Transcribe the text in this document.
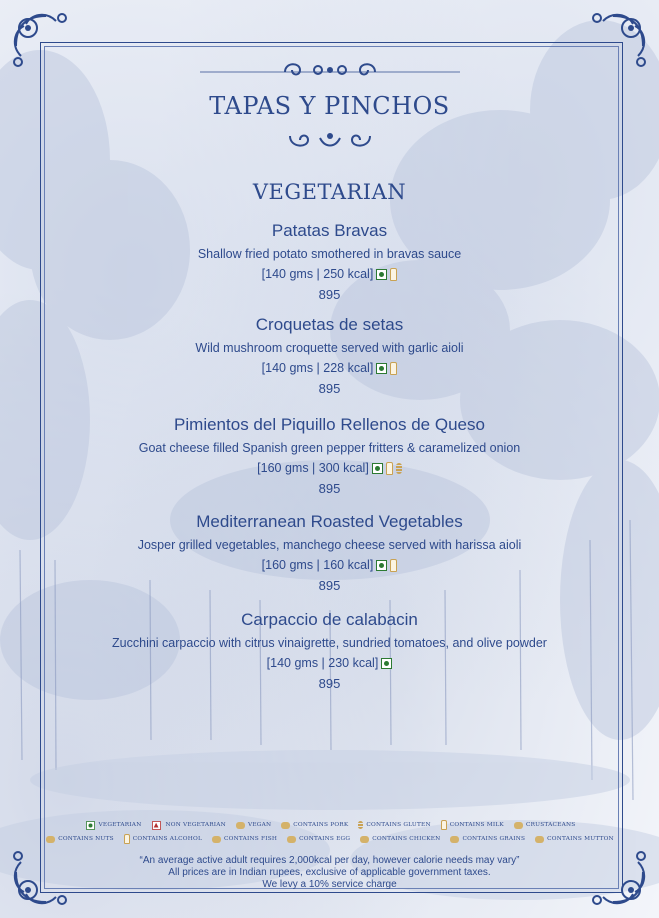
TAPAS Y PINCHOS
VEGETARIAN
Patatas Bravas
Shallow fried potato smothered in bravas sauce
[140 gms | 250 kcal]
895
Croquetas de setas
Wild mushroom croquette served with garlic aioli
[140 gms | 228 kcal]
895
Pimientos del Piquillo Rellenos de Queso
Goat cheese filled Spanish green pepper fritters & caramelized onion
[160 gms | 300 kcal]
895
Mediterranean Roasted Vegetables
Josper grilled vegetables, manchego cheese served with harissa aioli
[160 gms | 160 kcal]
895
Carpaccio de calabacin
Zucchini carpaccio with citrus vinaigrette, sundried tomatoes, and olive powder
[140 gms | 230 kcal]
895
VEGETARIAN	NON VEGETARIAN	VEGAN	CONTAINS PORK	CONTAINS GLUTEN	CONTAINS MILK	CRUSTACEANS
CONTAINS NUTS	CONTAINS ALCOHOL	CONTAINS FISH	CONTAINS EGG	CONTAINS CHICKEN	CONTAINS GRAINS	CONTAINS MUTTON
“An average active adult requires 2,000kcal per day, however calorie needs may vary”
All prices are in Indian rupees, exclusive of applicable government taxes.
We levy a 10% service charge
